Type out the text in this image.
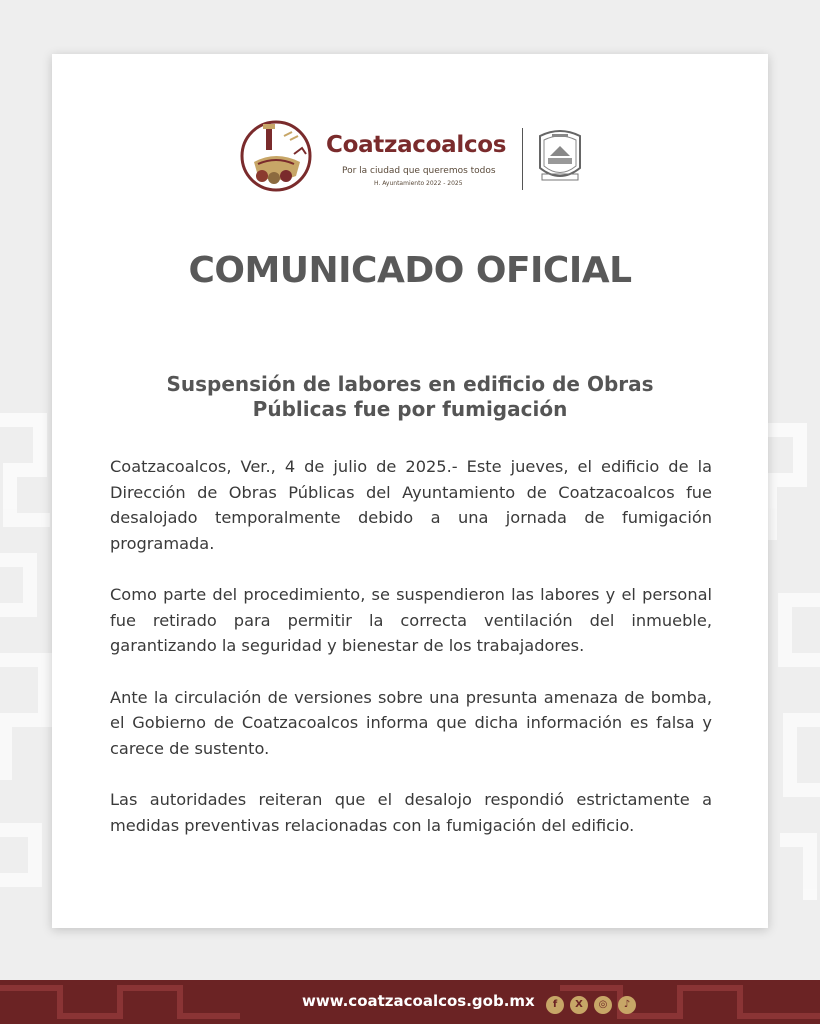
Coatzacoalcos
Por la ciudad que queremos todos
H. Ayuntamiento 2022 - 2025
COMUNICADO OFICIAL
Suspensión de labores en edificio de Obras Públicas fue por fumigación

Coatzacoalcos, Ver., 4 de julio de 2025.- Este jueves, el edificio de la Dirección de Obras Públicas del Ayuntamiento de Coatzacoalcos fue desalojado temporalmente debido a una jornada de fumigación programada.

Como parte del procedimiento, se suspendieron las labores y el personal fue retirado para permitir la correcta ventilación del inmueble, garantizando la seguridad y bienestar de los trabajadores.

Ante la circulación de versiones sobre una presunta amenaza de bomba, el Gobierno de Coatzacoalcos informa que dicha información es falsa y carece de sustento.

Las autoridades reiteran que el desalojo respondió estrictamente a medidas preventivas relacionadas con la fumigación del edificio.

www.coatzacoalcos.gob.mx	f	X	◎	♪
